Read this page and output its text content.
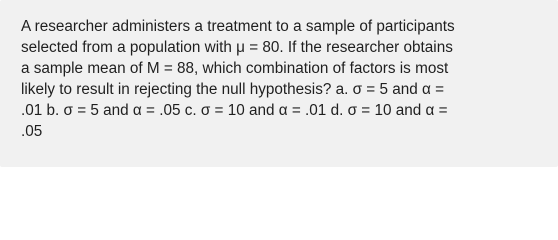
A researcher administers a treatment to a sample of participants
selected from a population with μ = 80. If the researcher obtains
a sample mean of M = 88, which combination of factors is most
likely to result in rejecting the null hypothesis? a. σ = 5 and α =
.01 b. σ = 5 and α = .05 c. σ = 10 and α = .01 d. σ = 10 and α =
.05
